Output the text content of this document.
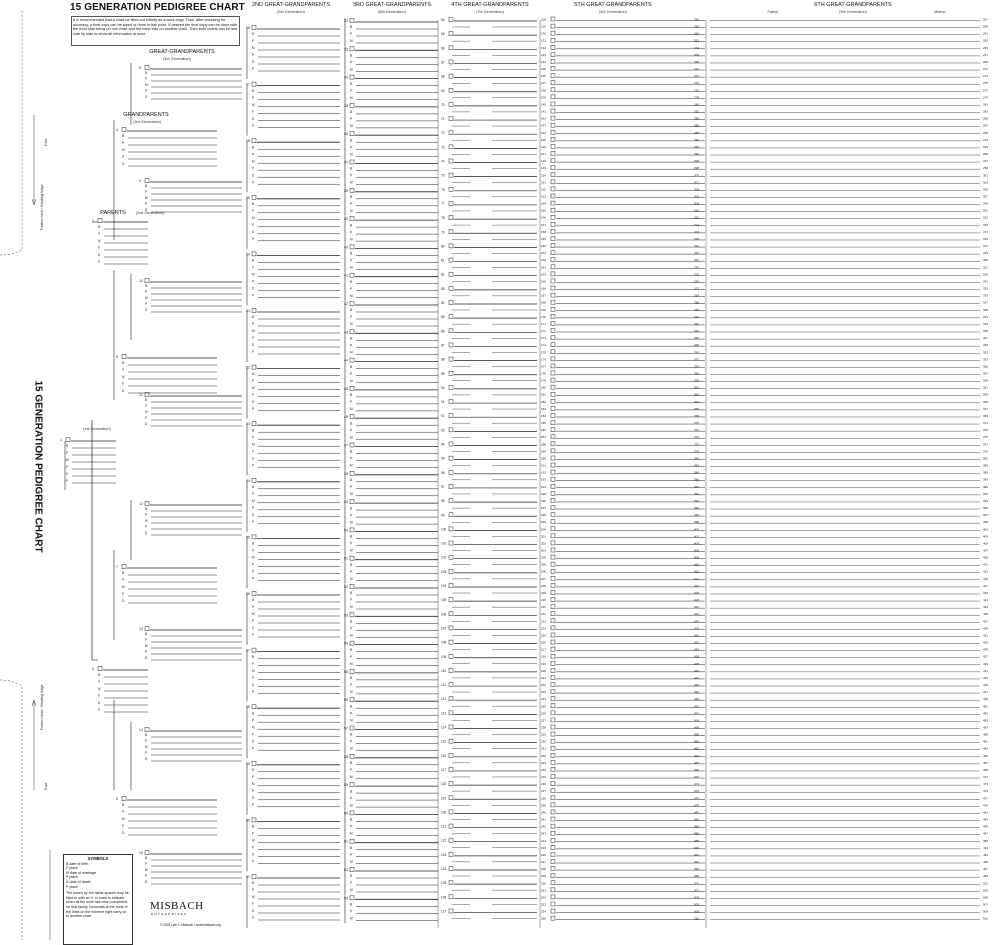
1
B
P
M
P
D
P
2
B
P
M
P
D
P
3
B
P
M
P
D
P
4
B
P
M
P
D
6
B
P
M
P
D
7
B
P
M
P
D
5
B
P
M
P
D
8
B
P
M
P
D
9
B
P
M
P
D
10
B
P
M
P
D
11
B
P
M
P
D
12
B
P
M
P
D
13
B
P
M
P
D
14
B
P
M
P
D
15
B
P
M
P
D
16
B
P
M
P
D
P
17
B
P
M
P
D
P
18
B
P
M
P
D
P
19
B
P
M
P
D
P
20
B
P
M
P
D
P
21
B
P
M
P
D
P
22
B
P
M
P
D
P
23
B
P
M
P
D
P
24
B
P
M
P
D
P
25
B
P
M
P
D
P
26
B
P
M
P
D
P
27
B
P
M
P
D
P
28
B
P
M
P
D
P
29
B
P
M
P
D
P
30
B
P
M
P
D
P
31
B
P
M
P
D
P
32
B
P
M
33
B
P
M
34
B
P
M
35
B
P
M
36
B
P
M
37
B
P
M
38
B
P
M
39
B
P
M
40
B
P
M
41
B
P
M
42
B
P
M
43
B
P
M
44
B
P
M
45
B
P
M
46
B
P
M
47
B
P
M
48
B
P
M
49
B
P
M
50
B
P
M
51
B
P
M
52
B
P
M
53
B
P
M
54
B
P
M
55
B
P
M
56
B
P
M
57
B
P
M
58
B
P
M
59
B
P
M
60
B
P
M
61
B
P
M
62
B
P
M
63
B
P
M
64
65
66
67
68
69
70
71
72
73
74
75
76
77
78
79
80
81
82
83
84
85
86
87
88
89
90
91
92
93
94
95
96
97
98
99
100
101
102
103
104
105
106
107
108
109
110
111
112
113
114
115
116
117
118
119
120
121
122
123
124
125
126
127
128
129
130
131
132
133
134
135
136
137
138
139
140
141
142
143
144
145
146
147
148
149
150
151
152
153
154
155
156
157
158
159
160
161
162
163
164
165
166
167
168
169
170
171
172
173
174
175
176
177
178
179
180
181
182
183
184
185
186
187
188
189
190
191
192
193
194
195
196
197
198
199
200
201
202
203
204
205
206
207
208
209
210
211
212
213
214
215
216
217
218
219
220
221
222
223
224
225
226
227
228
229
230
231
232
233
234
235
236
237
238
239
240
241
242
243
244
245
246
247
248
249
250
251
252
253
254
255
256	257
258	259
260	261
262	263
264	265
266	267
268	269
270	271
272	273
274	275
276	277
278	279
280	281
282	283
284	285
286	287
288	289
290	291
292	293
294	295
296	297
298	299
300	301
302	303
304	305
306	307
308	309
310	311
312	313
314	315
316	317
318	319
320	321
322	323
324	325
326	327
328	329
330	331
332	333
334	335
336	337
338	339
340	341
342	343
344	345
346	347
348	349
350	351
352	353
354	355
356	357
358	359
360	361
362	363
364	365
366	367
368	369
370	371
372	373
374	375
376	377
378	379
380	381
382	383
384	385
386	387
388	389
390	391
392	393
394	395
396	397
398	399
400	401
402	403
404	405
406	407
408	409
410	411
412	413
414	415
416	417
418	419
420	421
422	423
424	425
426	427
428	429
430	431
432	433
434	435
436	437
438	439
440	441
442	443
444	445
446	447
448	449
450	451
452	453
454	455
456	457
458	459
460	461
462	463
464	465
466	467
468	469
470	471
472	473
474	475
476	477
478	479
480	481
482	483
484	485
486	487
488	489
490	491
492	493
494	495
496	497
498	499
500	501
502	503
504	505
506	507
508	509
510	511
15 GENERATION PEDIGREE CHART
It is recommended that a chart be filled out initially as a work copy. Then, after checking for accuracy, a final copy can be typed or done in ball point. If desired the final copy can be done with the front side being on one chart and the back side on another chart. Then both charts can be laid side by side to show all information at once.
2ND GREAT-GRANDPARENTS
(5th Generation)
3RD GREAT-GRANDPARENTS
(6th Generation)
4TH GREAT-GRANDPARENTS
(7th Generation)
5TH GREAT-GRANDPARENTS
(8th Generation)
6TH GREAT-GRANDPARENTS
(9th Generation)
Father	Mother
GREAT-GRANDPARENTS
(4th Generation)
GRANDPARENTS
(3rd Generation)
PARENTS	(2nd Generation)
(1st Generation)
15 GENERATION PEDIGREE CHART
Fold
Fasten here / Binding edge
Fasten here / Binding edge
Fold
SYMBOLS
B date of birth
P place
M date of marriage
P place
D date of death
P place
The boxes by the name spaces may be filled in with an 'x' or mark to indicate when all the work has been completed for that family. Numerals at the ends of the lines on the extreme right carry on to another chart.
MISBACH
ENTERPRISES
© 2003 Lyle L. Misbach / www.misbach.org
